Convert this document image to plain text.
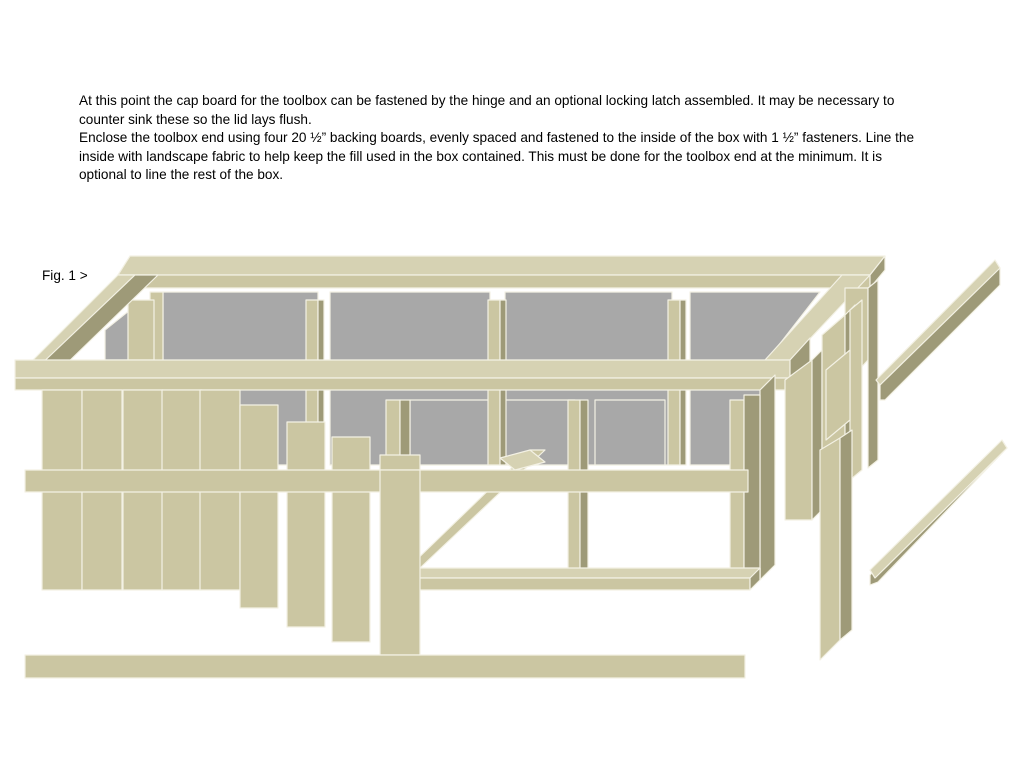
At this point the cap board for the toolbox can be fastened by the hinge and an optional locking latch assembled. It may be necessary to counter sink these so the lid lays flush.

Enclose the toolbox end using four 20 ½” backing boards, evenly spaced and fastened to the inside of the box with 1 ½” fasteners. Line the inside with landscape fabric to help keep the fill used in the box contained. This must be done for the toolbox end at the minimum. It is optional to line the rest of the box.

Fig. 1 >
